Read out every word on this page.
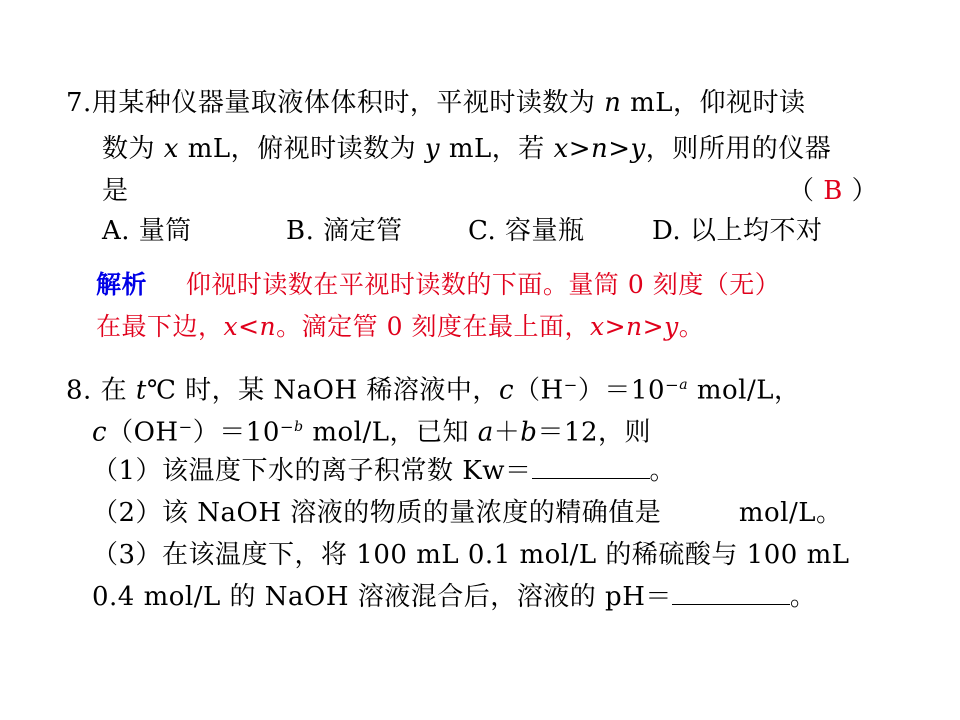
7.用某种仪器量取液体体积时，平视时读数为 n mL，仰视时读
数为 x mL，俯视时读数为 y mL，若 x>n>y，则所用的仪器
是	（ B ）
A. 量筒	B. 滴定管	C. 容量瓶	D. 以上均不对
解析 仰视时读数在平视时读数的下面。量筒 0 刻度（无）
在最下边，x<n。滴定管 0 刻度在最上面，x>n>y。
8. 在 t℃ 时，某 NaOH 稀溶液中，c（H⁻）＝10⁻$^a$ mol/L，
c（OH⁻）＝10⁻$^b$ mol/L，已知 a＋b＝12，则
（1）该温度下水的离子积常数 Kw＝	。
（2）该 NaOH 溶液的物质的量浓度的精确值是	mol/L。
（3）在该温度下，将 100 mL 0.1 mol/L 的稀硫酸与 100 mL
0.4 mol/L 的 NaOH 溶液混合后，溶液的 pH＝	。
